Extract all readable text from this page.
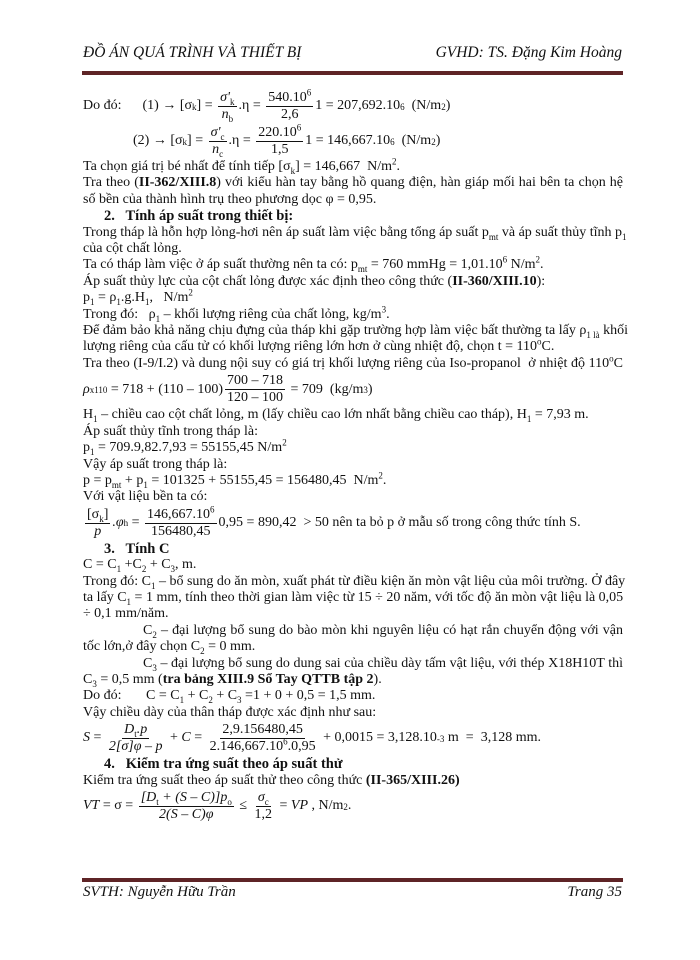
ĐỒ ÁN QUÁ TRÌNH VÀ THIẾT BỊ	GVHD: TS. Đặng Kim Hoàng
Do đó:      (1) → [σ k ] = $\frac{\sigma'_k}{n_b} .\eta = \frac{540.10^6}{2,6} 1 = 207,692.10$ 6 (N/m 2 )
(2) → [σ k ] = $\frac{\sigma'_c}{n_c} .\eta = \frac{220.10^6}{1,5} 1 = 146,667.10$ 6 (N/m 2 )
Ta chọn giá trị bé nhất để tính tiếp $[\sigma_k] = 146,667$  $N/m^2$.
Tra theo (II-362/XIII.8) với kiểu hàn tay bằng hồ quang điện, hàn giáp mối hai bên ta chọn hệ
số bền của thành hình trụ theo phương dọc φ = 0,95.
2.   Tính áp suất trong thiết bị:
Trong tháp là hỗn hợp lỏng-hơi nên áp suất làm việc bằng tổng áp suất $p_{mt}$ và áp suất thủy tĩnh $p_1$
của cột chất lỏng.
Ta có tháp làm việc ở áp suất thường nên ta có: $p_{mt} = 760$ mmHg = $1,01.10^6$ $N/m^2$.
Áp suất thủy lực của cột chất lỏng được xác định theo công thức (II-360/XIII.10):
$p_1 = \rho_1.g.H_1$,   $N/m^2$
Trong đó:   $\rho_1$ – khối lượng riêng của chất lỏng, $kg/m^3$.
Để đảm bảo khả năng chịu đựng của tháp khi gặp trường hợp làm việc bất thường ta lấy $\rho_{1 là}$ khối
lượng riêng của cấu tử có khối lượng riêng lớn hơn ở cùng nhiệt độ, chọn $t = 110^oC$.
Tra theo (I-9/I.2) và dung nội suy có giá trị khối lượng riêng của Iso-propanol  ở nhiệt độ 110$^o$C
ρ x $110 = 718 + (110 - 100) \frac{700 - 718}{120 - 100} = 709$  (kg/m 3 )
$H_1$ – chiều cao cột chất lỏng, m (lấy chiều cao lớn nhất bằng chiều cao tháp), $H_1 = 7,93$ m.
Áp suất thủy tĩnh trong tháp là:
$p_1 = 709.9,82.7,93 = 55155,45$ $N/m^2$
Vậy áp suất trong tháp là:
$p = p_{mt} + p_1 = 101325 + 55155,45 = 156480,45$  $N/m^2$.
Với vật liệu bền ta có:
$\frac{[\sigma_k]}{p} .\varphi$ $h = \frac{146,667.10^6}{156480,45} 0,95 = 890,42 > 50$ nên ta bỏ p ở mẫu số trong công thức tính S.
3.   Tính C
$C = C_1 +C_2 + C_3$, m.
Trong đó: $C_1$ – bổ sung do ăn mòn, xuất phát từ điều kiện ăn mòn vật liệu của môi trường. Ở đây
ta lấy $C_1 = 1$ mm, tính theo thời gian làm việc từ 15 ÷ 20 năm, với tốc độ ăn mòn vật liệu là 0,05
÷ 0,1 mm/năm.
$C_2$ – đại lượng bổ sung do bào mòn khi nguyên liệu có hạt rắn chuyển động với vận
tốc lớn,ở đây chọn $C_2 = 0$ mm.
$C_3$ – đại lượng bổ sung do dung sai của chiều dày tấm vật liệu, với thép X18H10T thì
$C_3 = 0,5$ mm (tra bảng XIII.9 Sổ Tay QTTB tập 2).
Do đó:       $C = C_1 + C_2 + C_3 =1 + 0 + 0,5 = 1,5$ mm.
Vậy chiều dày của thân tháp được xác định như sau:
$S = \frac{D_t.p}{2[\sigma]\varphi - p} + C = \frac{2,9.156480,45}{2.146,667.10^6.0,95} + 0,0015 = 3,128.10$ -3 m  =  3,128 mm.
4.   Kiểm tra ứng suất theo áp suất thử
Kiểm tra ứng suất theo áp suất thử theo công thức (II-365/XIII.26)
VT = $\sigma = \frac{[D_t + (S - C)]p_o}{2(S - C)\varphi} \le \frac{\sigma_c}{1,2}$ = VP , N/m 2 .
SVTH: Nguyễn Hữu Trần	Trang 35
